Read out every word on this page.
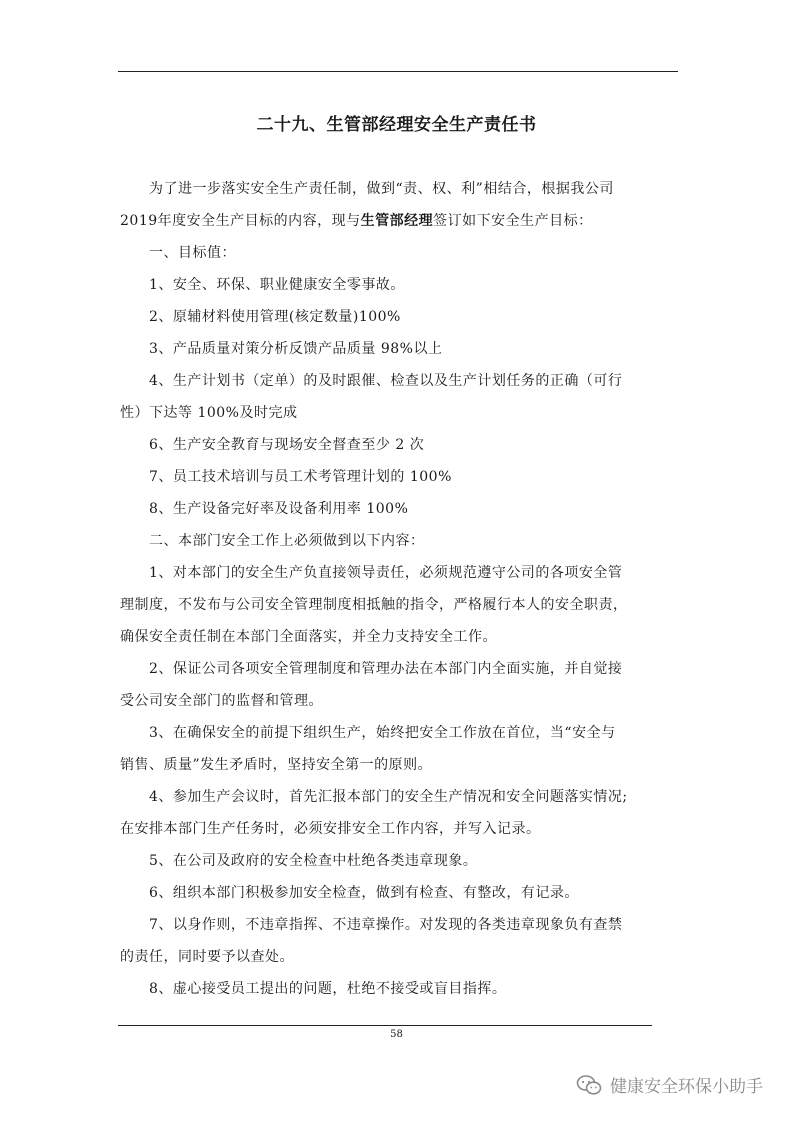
二十九、生管部经理安全生产责任书
为了进一步落实安全生产责任制，做到“责、权、利”相结合，根据我公司
2019年度安全生产目标的内容，现与生管部经理签订如下安全生产目标：
一、目标值：
1、安全、环保、职业健康安全零事故。
2、原辅材料使用管理(核定数量)100%
3、产品质量对策分析反馈产品质量 98%以上
4、生产计划书（定单）的及时跟催、检查以及生产计划任务的正确（可行
性）下达等 100%及时完成
6、生产安全教育与现场安全督查至少 2 次
7、员工技术培训与员工术考管理计划的 100%
8、生产设备完好率及设备利用率 100%
二、本部门安全工作上必须做到以下内容：
1、对本部门的安全生产负直接领导责任，必须规范遵守公司的各项安全管
理制度，不发布与公司安全管理制度相抵触的指令，严格履行本人的安全职责，
确保安全责任制在本部门全面落实，并全力支持安全工作。
2、保证公司各项安全管理制度和管理办法在本部门内全面实施，并自觉接
受公司安全部门的监督和管理。
3、在确保安全的前提下组织生产，始终把安全工作放在首位，当“安全与
销售、质量”发生矛盾时，坚持安全第一的原则。
4、参加生产会议时，首先汇报本部门的安全生产情况和安全问题落实情况;
在安排本部门生产任务时，必须安排安全工作内容，并写入记录。
5、在公司及政府的安全检查中杜绝各类违章现象。
6、组织本部门积极参加安全检查，做到有检查、有整改，有记录。
7、以身作则，不违章指挥、不违章操作。对发现的各类违章现象负有查禁
的责任，同时要予以查处。
8、虚心接受员工提出的问题，杜绝不接受或盲目指挥。
58
健康安全环保小助手
